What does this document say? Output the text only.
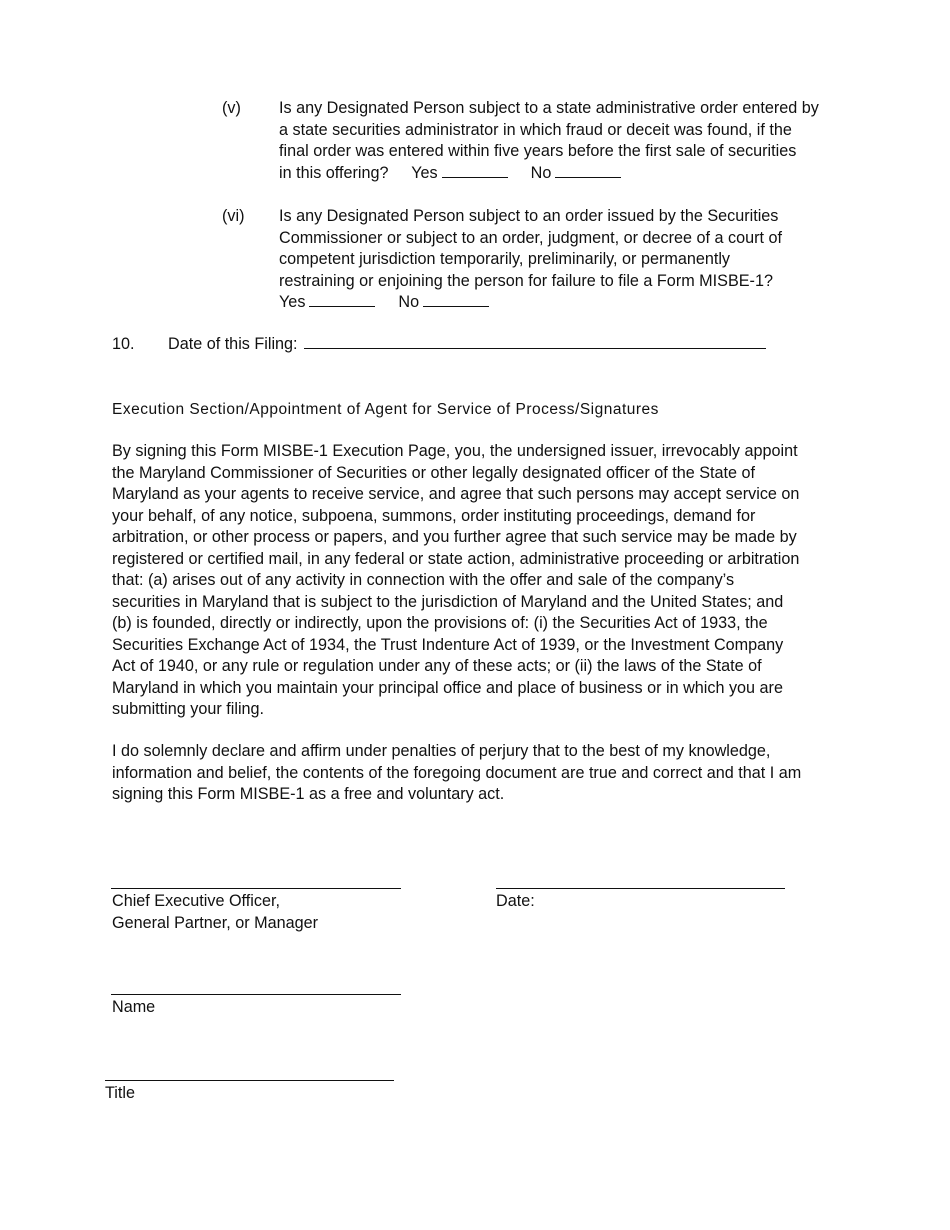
(v) Is any Designated Person subject to a state administrative order entered by
a state securities administrator in which fraud or deceit was found, if the
final order was entered within five years before the first sale of securities
in this offering? Yes	No
(vi) Is any Designated Person subject to an order issued by the Securities
Commissioner or subject to an order, judgment, or decree of a court of
competent jurisdiction temporarily, preliminarily, or permanently
restraining or enjoining the person for failure to file a Form MISBE-1?
Yes	No
10. Date of this Filing:
Execution Section/Appointment of Agent for Service of Process/Signatures
By signing this Form MISBE-1 Execution Page, you, the undersigned issuer, irrevocably appoint
the Maryland Commissioner of Securities or other legally designated officer of the State of
Maryland as your agents to receive service, and agree that such persons may accept service on
your behalf, of any notice, subpoena, summons, order instituting proceedings, demand for
arbitration, or other process or papers, and you further agree that such service may be made by
registered or certified mail, in any federal or state action, administrative proceeding or arbitration
that: (a) arises out of any activity in connection with the offer and sale of the company’s
securities in Maryland that is subject to the jurisdiction of Maryland and the United States; and
(b) is founded, directly or indirectly, upon the provisions of: (i) the Securities Act of 1933, the
Securities Exchange Act of 1934, the Trust Indenture Act of 1939, or the Investment Company
Act of 1940, or any rule or regulation under any of these acts; or (ii) the laws of the State of
Maryland in which you maintain your principal office and place of business or in which you are
submitting your filing.
I do solemnly declare and affirm under penalties of perjury that to the best of my knowledge,
information and belief, the contents of the foregoing document are true and correct and that I am
signing this Form MISBE-1 as a free and voluntary act.
Chief Executive Officer,
General Partner, or Manager
Date:
Name
Title
